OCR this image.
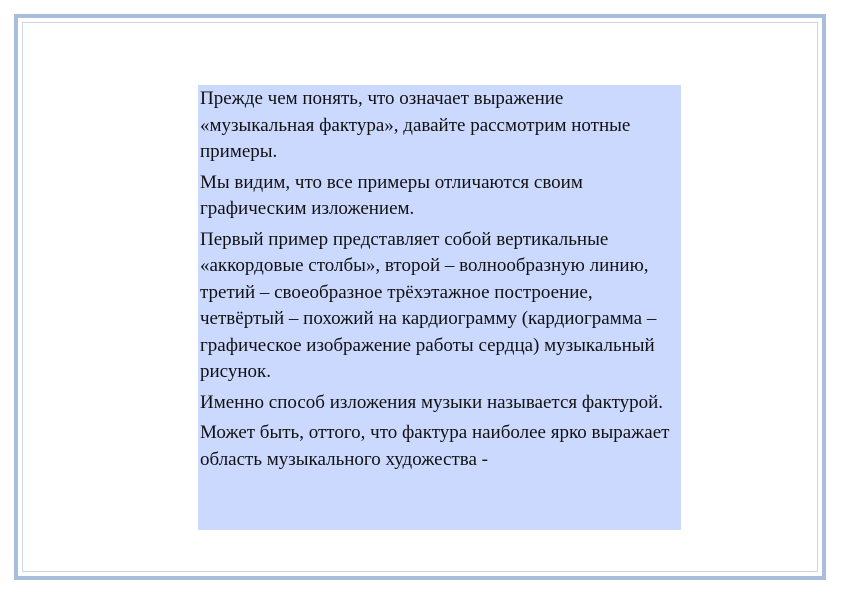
Прежде чем понять, что означает выражение «музыкальная фактура», давайте рассмотрим нотные примеры.

Мы видим, что все примеры отличаются своим графическим изложением.

Первый пример представляет собой вертикальные «аккордовые столбы», второй – волнообразную линию, третий – своеобразное трёхэтажное построение, четвёртый – похожий на кардиограмму (кардиограмма – графическое изображение работы сердца) музыкальный рисунок.

Именно способ изложения музыки называется фактурой.

Может быть, оттого, что фактура наиболее ярко выражает область музыкального художества -
